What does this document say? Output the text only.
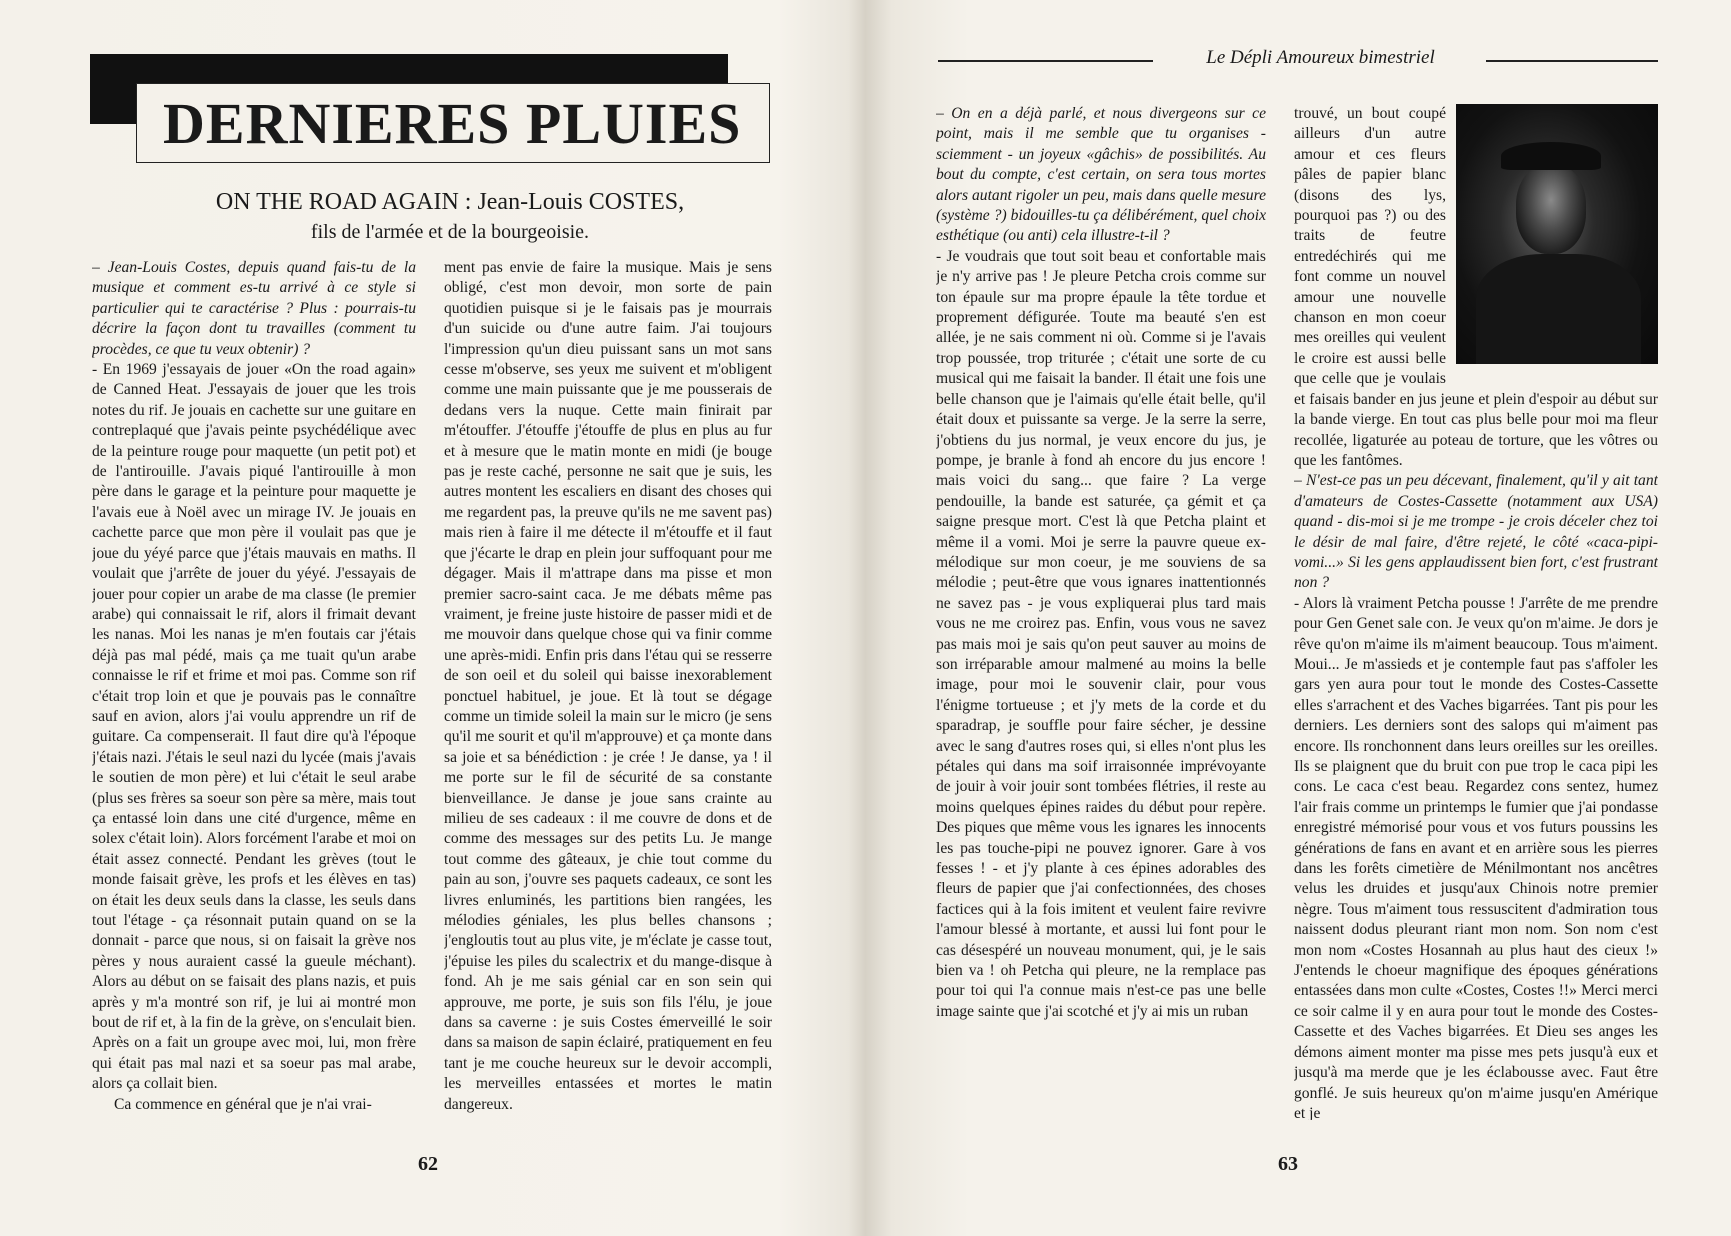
DERNIERES PLUIES
ON THE ROAD AGAIN : Jean-Louis COSTES,
fils de l'armée et de la bourgeoisie.

– Jean-Louis Costes, depuis quand fais-tu de la musique et comment es-tu arrivé à ce style si particulier qui te caractérise ? Plus : pourrais-tu décrire la façon dont tu travailles (comment tu procèdes, ce que tu veux obtenir) ?

- En 1969 j'essayais de jouer «On the road again» de Canned Heat. J'essayais de jouer que les trois notes du rif. Je jouais en cachette sur une guitare en contreplaqué que j'avais peinte psychédélique avec de la peinture rouge pour maquette (un petit pot) et de l'antirouille. J'avais piqué l'antirouille à mon père dans le garage et la peinture pour maquette je l'avais eue à Noël avec un mirage IV. Je jouais en cachette parce que mon père il voulait pas que je joue du yéyé parce que j'étais mauvais en maths. Il voulait que j'arrête de jouer du yéyé. J'essayais de jouer pour copier un arabe de ma classe (le premier arabe) qui connaissait le rif, alors il frimait devant les nanas. Moi les nanas je m'en foutais car j'étais déjà pas mal pédé, mais ça me tuait qu'un arabe connaisse le rif et frime et moi pas. Comme son rif c'était trop loin et que je pouvais pas le connaître sauf en avion, alors j'ai voulu apprendre un rif de guitare. Ca compenserait. Il faut dire qu'à l'époque j'étais nazi. J'étais le seul nazi du lycée (mais j'avais le soutien de mon père) et lui c'était le seul arabe (plus ses frères sa soeur son père sa mère, mais tout ça entassé loin dans une cité d'urgence, même en solex c'était loin). Alors forcément l'arabe et moi on était assez connecté. Pendant les grèves (tout le monde faisait grève, les profs et les élèves en tas) on était les deux seuls dans la classe, les seuls dans tout l'étage - ça résonnait putain quand on se la donnait - parce que nous, si on faisait la grève nos pères y nous auraient cassé la gueule méchant). Alors au début on se faisait des plans nazis, et puis après y m'a montré son rif, je lui ai montré mon bout de rif et, à la fin de la grève, on s'enculait bien. Après on a fait un groupe avec moi, lui, mon frère qui était pas mal nazi et sa soeur pas mal arabe, alors ça collait bien.

Ca commence en général que je n'ai vrai-

ment pas envie de faire la musique. Mais je sens obligé, c'est mon devoir, mon sorte de pain quotidien puisque si je le faisais pas je mourrais d'un suicide ou d'une autre faim. J'ai toujours l'impression qu'un dieu puissant sans un mot sans cesse m'observe, ses yeux me suivent et m'obligent comme une main puissante que je me pousserais de dedans vers la nuque. Cette main finirait par m'étouffer. J'étouffe j'étouffe de plus en plus au fur et à mesure que le matin monte en midi (je bouge pas je reste caché, personne ne sait que je suis, les autres montent les escaliers en disant des choses qui me regardent pas, la preuve qu'ils ne me savent pas) mais rien à faire il me détecte il m'étouffe et il faut que j'écarte le drap en plein jour suffoquant pour me dégager. Mais il m'attrape dans ma pisse et mon premier sacro-saint caca. Je me débats même pas vraiment, je freine juste histoire de passer midi et de me mouvoir dans quelque chose qui va finir comme une après-midi. Enfin pris dans l'étau qui se resserre de son oeil et du soleil qui baisse inexorablement ponctuel habituel, je joue. Et là tout se dégage comme un timide soleil la main sur le micro (je sens qu'il me sourit et qu'il m'approuve) et ça monte dans sa joie et sa bénédiction : je crée ! Je danse, ya ! il me porte sur le fil de sécurité de sa constante bienveillance. Je danse je joue sans crainte au milieu de ses cadeaux : il me couvre de dons et de comme des messages sur des petits Lu. Je mange tout comme des gâteaux, je chie tout comme du pain au son, j'ouvre ses paquets cadeaux, ce sont les livres enluminés, les partitions bien rangées, les mélodies géniales, les plus belles chansons ; j'engloutis tout au plus vite, je m'éclate je casse tout, j'épuise les piles du scalectrix et du mange-disque à fond. Ah je me sais génial car en son sein qui approuve, me porte, je suis son fils l'élu, je joue dans sa caverne : je suis Costes émerveillé le soir dans sa maison de sapin éclairé, pratiquement en feu tant je me couche heureux sur le devoir accompli, les merveilles entassées et mortes le matin dangereux.

62
Le Dépli Amoureux bimestriel

– On en a déjà parlé, et nous divergeons sur ce point, mais il me semble que tu organises - sciemment - un joyeux «gâchis» de possibilités. Au bout du compte, c'est certain, on sera tous mortes alors autant rigoler un peu, mais dans quelle mesure (système ?) bidouilles-tu ça délibérément, quel choix esthétique (ou anti) cela illustre-t-il ?

- Je voudrais que tout soit beau et confortable mais je n'y arrive pas ! Je pleure Petcha crois comme sur ton épaule sur ma propre épaule la tête tordue et proprement défigurée. Toute ma beauté s'en est allée, je ne sais comment ni où. Comme si je l'avais trop poussée, trop triturée ; c'était une sorte de cu musical qui me faisait la bander. Il était une fois une belle chanson que je l'aimais qu'elle était belle, qu'il était doux et puissante sa verge. Je la serre la serre, j'obtiens du jus normal, je veux encore du jus, je pompe, je branle à fond ah encore du jus encore ! mais voici du sang... que faire ? La verge pendouille, la bande est saturée, ça gémit et ça saigne presque mort. C'est là que Petcha plaint et même il a vomi. Moi je serre la pauvre queue ex-mélodique sur mon coeur, je me souviens de sa mélodie ; peut-être que vous ignares inattentionnés ne savez pas - je vous expliquerai plus tard mais vous ne me croirez pas. Enfin, vous vous ne savez pas mais moi je sais qu'on peut sauver au moins de son irréparable amour malmené au moins la belle image, pour moi le souvenir clair, pour vous l'énigme tortueuse ; et j'y mets de la corde et du sparadrap, je souffle pour faire sécher, je dessine avec le sang d'autres roses qui, si elles n'ont plus les pétales qui dans ma soif irraisonnée imprévoyante de jouir à voir jouir sont tombées flétries, il reste au moins quelques épines raides du début pour repère. Des piques que même vous les ignares les innocents les pas touche-pipi ne pouvez ignorer. Gare à vos fesses ! - et j'y plante à ces épines adorables des fleurs de papier que j'ai confectionnées, des choses factices qui à la fois imitent et veulent faire revivre l'amour blessé à mortante, et aussi lui font pour le cas désespéré un nouveau monument, qui, je le sais bien va ! oh Petcha qui pleure, ne la remplace pas pour toi qui l'a connue mais n'est-ce pas une belle image sainte que j'ai scotché et j'y ai mis un ruban

trouvé, un bout coupé ailleurs d'un autre amour et ces fleurs pâles de papier blanc (disons des lys, pourquoi pas ?) ou des traits de feutre entredéchirés qui me font comme un nouvel amour une nouvelle chanson en mon coeur mes oreilles qui veulent le croire est aussi belle que celle que je voulais et faisais bander en jus jeune et plein d'espoir au début sur la bande vierge. En tout cas plus belle pour moi ma fleur recollée, ligaturée au poteau de torture, que les vôtres ou que les fantômes.

– N'est-ce pas un peu décevant, finalement, qu'il y ait tant d'amateurs de Costes-Cassette (notamment aux USA) quand - dis-moi si je me trompe - je crois déceler chez toi le désir de mal faire, d'être rejeté, le côté «caca-pipi-vomi...» Si les gens applaudissent bien fort, c'est frustrant non ?

- Alors là vraiment Petcha pousse ! J'arrête de me prendre pour Gen Genet sale con. Je veux qu'on m'aime. Je dors je rêve qu'on m'aime ils m'aiment beaucoup. Tous m'aiment. Moui... Je m'assieds et je contemple faut pas s'affoler les gars yen aura pour tout le monde des Costes-Cassette elles s'arrachent et des Vaches bigarrées. Tant pis pour les derniers. Les derniers sont des salops qui m'aiment pas encore. Ils ronchonnent dans leurs oreilles sur les oreilles. Ils se plaignent que du bruit con pue trop le caca pipi les cons. Le caca c'est beau. Regardez cons sentez, humez l'air frais comme un printemps le fumier que j'ai pondasse enregistré mémorisé pour vous et vos futurs poussins les générations de fans en avant et en arrière sous les pierres dans les forêts cimetière de Ménilmontant nos ancêtres velus les druides et jusqu'aux Chinois notre premier nègre. Tous m'aiment tous ressuscitent d'admiration tous naissent dodus pleurant riant mon nom. Son nom c'est mon nom «Costes Hosannah au plus haut des cieux !» J'entends le choeur magnifique des époques générations entassées dans mon culte «Costes, Costes !!» Merci merci ce soir calme il y en aura pour tout le monde des Costes-Cassette et des Vaches bigarrées. Et Dieu ses anges les démons aiment monter ma pisse mes pets jusqu'à eux et jusqu'à ma merde que je les éclabousse avec. Faut être gonflé. Je suis heureux qu'on m'aime jusqu'en Amérique et je

63
